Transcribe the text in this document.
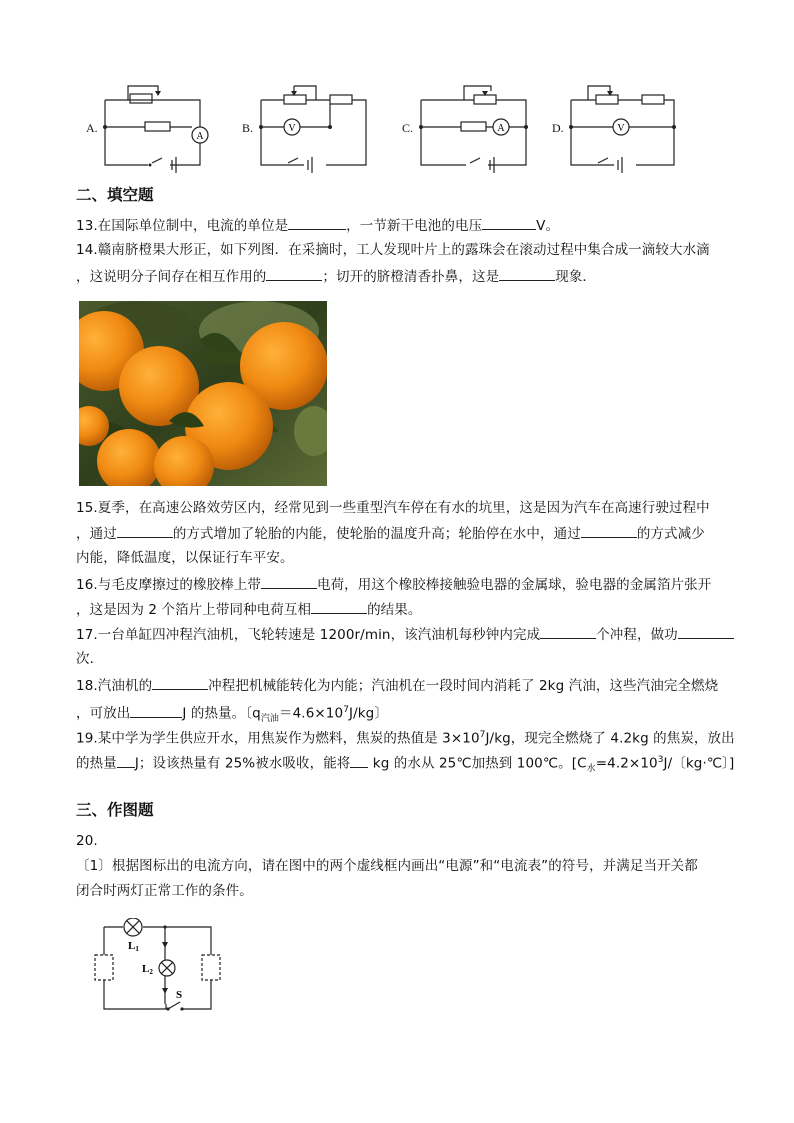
A.
A
B.	V	C.	A	D.	V
二、填空题
13.在国际单位制中，电流的单位是	，一节新干电池的电压	V。
14.赣南脐橙果大形正，如下列图．在采摘时，工人发现叶片上的露珠会在滚动过程中集合成一滴较大水滴
，这说明分子间存在相互作用的	；切开的脐橙清香扑鼻，这是	现象．
15.夏季，在高速公路效劳区内，经常见到一些重型汽车停在有水的坑里，这是因为汽车在高速行驶过程中
，通过	的方式增加了轮胎的内能，使轮胎的温度升高；轮胎停在水中，通过	的方式减少
内能，降低温度，以保证行车平安。
16.与毛皮摩擦过的橡胶棒上带	电荷，用这个橡胶棒接触验电器的金属球，验电器的金属箔片张开
，这是因为 2 个箔片上带同种电荷互相	的结果。
17.一台单缸四冲程汽油机，飞轮转速是 1200r/min，该汽油机每秒钟内完成	个冲程，做功
次．
18.汽油机的	冲程把机械能转化为内能；汽油机在一段时间内消耗了 2kg 汽油，这些汽油完全燃烧
，可放出	J 的热量。〔$q_{汽油}=4.6\times 10^7J/kg$〕
19.某中学为学生供应开水，用焦炭作为燃料，焦炭的热值是 $3\times 10^7J/kg$，现完全燃烧了 4.2kg 的焦炭，放出
的热量 J；设该热量有 25%被水吸收，能将 kg 的水从 25℃加热到 100℃。[$C_水=4.2\times 10^3J/$〔kg·℃〕]
三、作图题
20.
〔1〕根据图标出的电流方向，请在图中的两个虚线框内画出“电源”和“电流表”的符号，并满足当开关都
闭合时两灯正常工作的条件。
L1
L2
S
